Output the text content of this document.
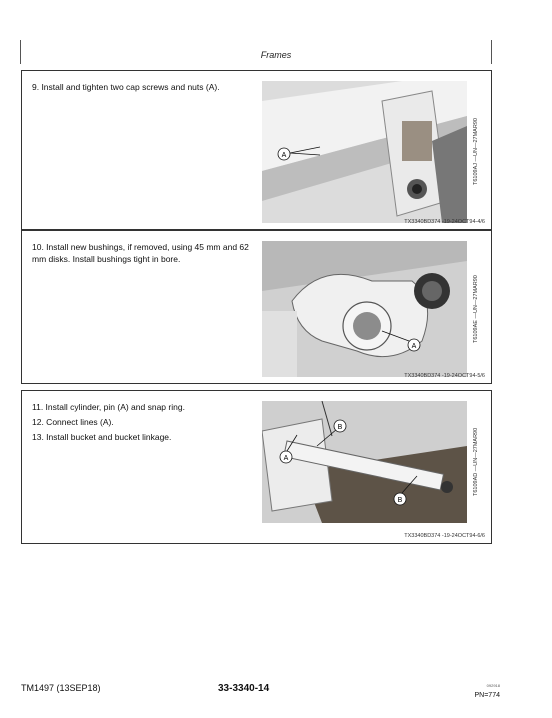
Frames

9. Install and tighten two cap screws and nuts (A).

A	T6109AJ —UN—27MAR90
TX3340BD374 -19-24OCT94-4/6

10. Install new bushings, if removed, using 45 mm and 62

mm disks. Install bushings tight in bore.

A
T6109AE —UN—27MAR90
TX3340BD374 -19-24OCT94-5/6

11. Install cylinder, pin (A) and snap ring.

12. Connect lines (A).

13. Install bucket and bucket linkage.

A
B
B
T6109AD —UN—27MAR90
TX3340BD374 -19-24OCT94-6/6
TM1497 (13SEP18)	33-3340-14	092918
PN=774
